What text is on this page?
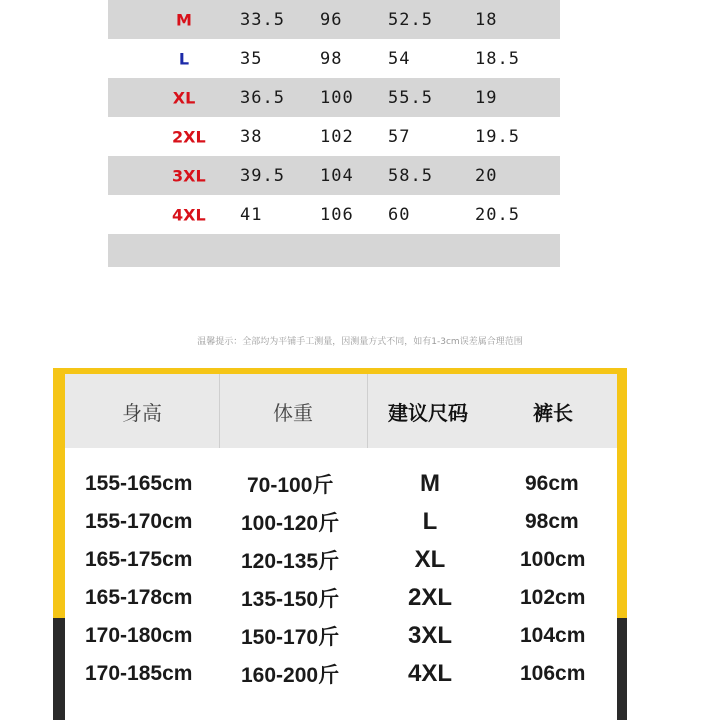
M	33.5 96	52.5 18
L	35	98	54	18.5
XL	36.5 100 55.5 19
2XL 38	102 57	19.5
3XL 39.5 104 58.5 20
4XL 41	106 60	20.5
温馨提示：全部均为平铺手工测量，因测量方式不同，如有1-3cm误差属合理范围
身高	体重	建议尺码	裤长
155-165cm	70-100斤	M	96cm
155-170cm 100-120斤	L	98cm
165-175cm 120-135斤	XL	100cm
165-178cm 135-150斤	2XL	102cm
170-180cm 150-170斤	3XL	104cm
170-185cm 160-200斤	4XL	106cm
